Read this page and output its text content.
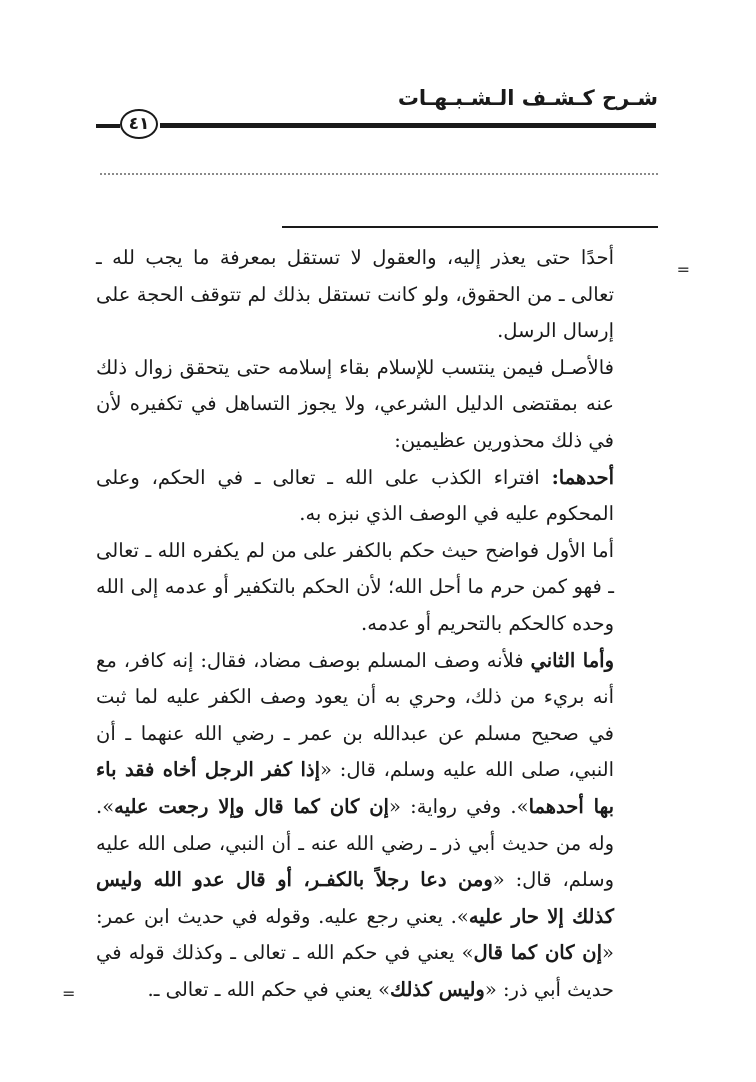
شـرح كـشـف الـشـبـهـات
٤١
=
=

أحدًا حتى يعذر إليه، والعقول لا تستقل بمعرفة ما يجب لله ـ تعالى ـ من الحقوق، ولو كانت تستقل بذلك لم تتوقف الحجة على إرسال الرسل.

فالأصـل فيمن ينتسب للإسلام بقاء إسلامه حتى يتحقق زوال ذلك عنه بمقتضى الدليل الشرعي، ولا يجوز التساهل في تكفيره لأن في ذلك محذورين عظيمين:

أحدهما: افتراء الكذب على الله ـ تعالى ـ في الحكم، وعلى المحكوم عليه في الوصف الذي نبزه به.

أما الأول فواضح حيث حكم بالكفر على من لم يكفره الله ـ تعالى ـ فهو كمن حرم ما أحل الله؛ لأن الحكم بالتكفير أو عدمه إلى الله وحده كالحكم بالتحريم أو عدمه.

وأما الثاني فلأنه وصف المسلم بوصف مضاد، فقال: إنه كافر، مع أنه بريء من ذلك، وحري به أن يعود وصف الكفر عليه لما ثبت في صحيح مسلم عن عبدالله بن عمر ـ رضي الله عنهما ـ أن النبي، صلى الله عليه وسلم، قال: «إذا كفر الرجل أخاه فقد باء بها أحدهما». وفي رواية: «إن كان كما قال وإلا رجعت عليه». وله من حديث أبي ذر ـ رضي الله عنه ـ أن النبي، صلى الله عليه وسلم، قال: «ومن دعا رجلاً بالكفـر، أو قال عدو الله وليس كذلك إلا حار عليه». يعني رجع عليه. وقوله في حديث ابن عمر: «إن كان كما قال» يعني في حكم الله ـ تعالى ـ وكذلك قوله في حديث أبي ذر: «وليس كذلك» يعني في حكم الله ـ تعالى ـ.
